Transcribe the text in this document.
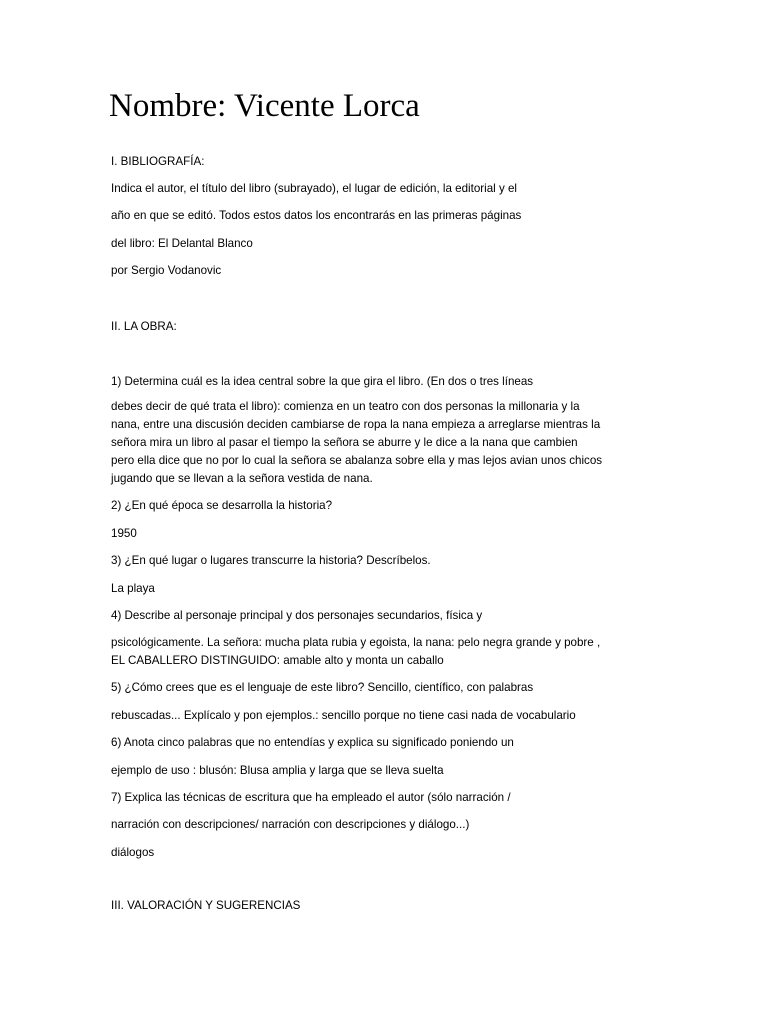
Nombre: Vicente Lorca
I. BIBLIOGRAFÍA:
Indica el autor, el título del libro (subrayado), el lugar de edición, la editorial y el
año en que se editó. Todos estos datos los encontrarás en las primeras páginas
del libro: El Delantal Blanco
por Sergio Vodanovic
II. LA OBRA:
1) Determina cuál es la idea central sobre la que gira el libro. (En dos o tres líneas
debes decir de qué trata el libro): comienza en un teatro con dos personas la millonaria y la
nana, entre una discusión deciden cambiarse de ropa la nana empieza a arreglarse mientras la
señora mira un libro al pasar el tiempo la señora se aburre y le dice a la nana que cambien
pero ella dice que no por lo cual la señora se abalanza sobre ella y mas lejos avian unos chicos
jugando que se llevan a la señora vestida de nana.
2) ¿En qué época se desarrolla la historia?
1950
3) ¿En qué lugar o lugares transcurre la historia? Descríbelos.
La playa
4) Describe al personaje principal y dos personajes secundarios, física y
psicológicamente. La señora: mucha plata rubia y egoista, la nana: pelo negra grande y pobre ,
EL CABALLERO DISTINGUIDO: amable alto y monta un caballo
5) ¿Cómo crees que es el lenguaje de este libro? Sencillo, científico, con palabras
rebuscadas... Explícalo y pon ejemplos.: sencillo porque no tiene casi nada de vocabulario
6) Anota cinco palabras que no entendías y explica su significado poniendo un
ejemplo de uso : blusón: Blusa amplia y larga que se lleva suelta
7) Explica las técnicas de escritura que ha empleado el autor (sólo narración /
narración con descripciones/ narración con descripciones y diálogo...)
diálogos
III. VALORACIÓN Y SUGERENCIAS
